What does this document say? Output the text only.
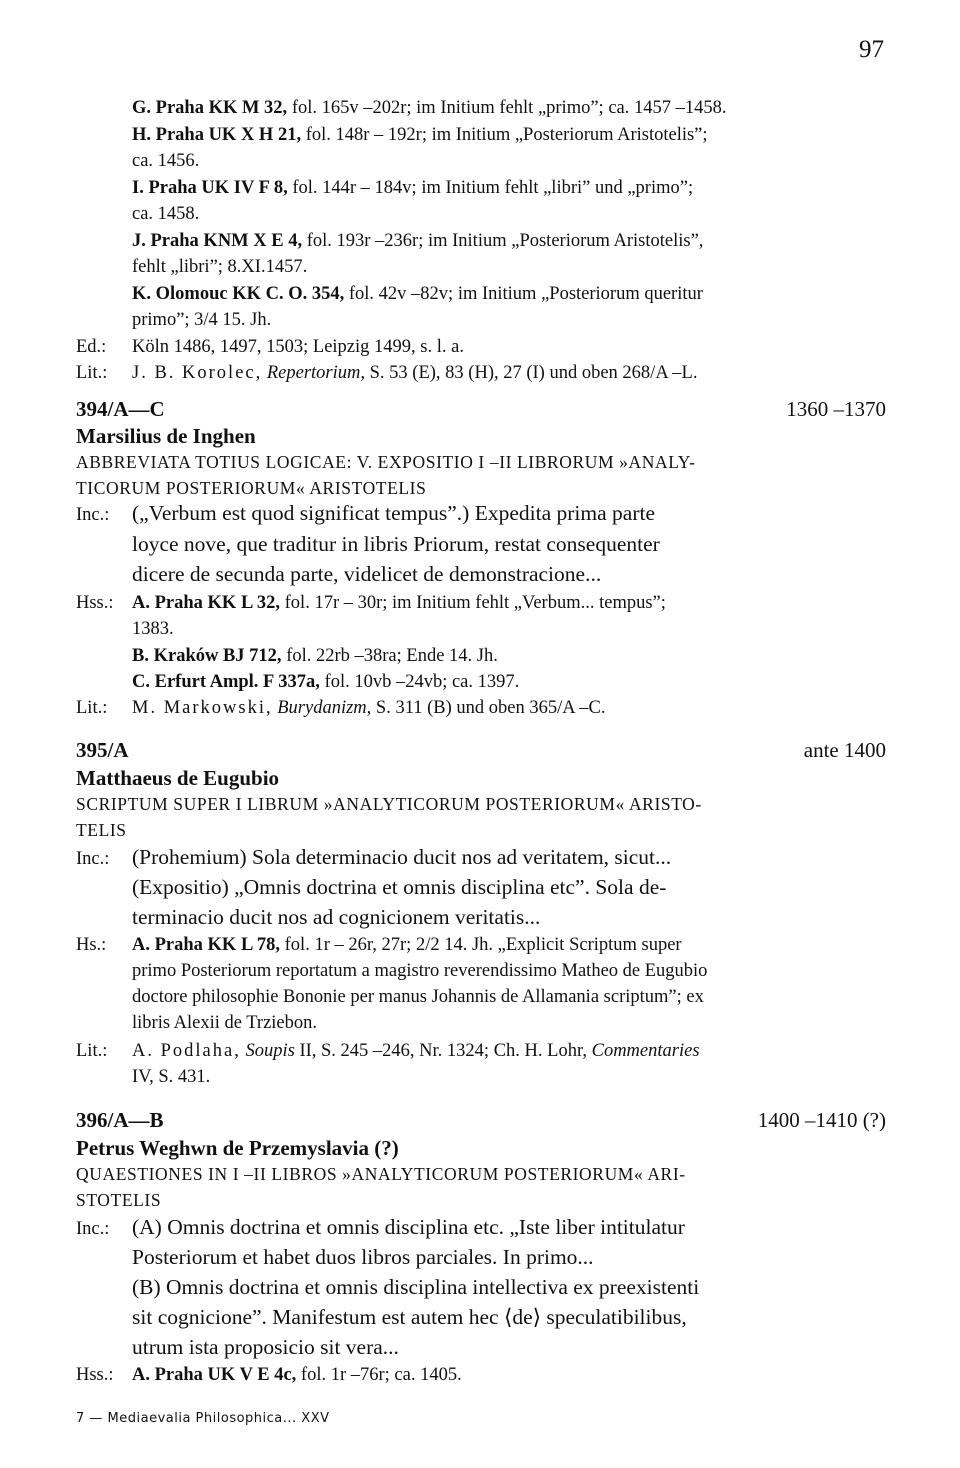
97
G. Praha KK M 32, fol. 165v –202r; im Initium fehlt „primo”; ca. 1457 –1458.
H. Praha UK X H 21, fol. 148r – 192r; im Initium „Posteriorum Aristotelis”;
ca. 1456.
I. Praha UK IV F 8, fol. 144r – 184v; im Initium fehlt „libri” und „primo”;
ca. 1458.
J. Praha KNM X E 4, fol. 193r –236r; im Initium „Posteriorum Aristotelis”,
fehlt „libri”; 8.XI.1457.
K. Olomouc KK C. O. 354, fol. 42v –82v; im Initium „Posteriorum queritur
primo”; 3/4 15. Jh.
Ed.: Köln 1486, 1497, 1503; Leipzig 1499, s. l. a.
Lit.: J. B. Korolec, Repertorium, S. 53 (E), 83 (H), 27 (I) und oben 268/A –L.
394/A—C	1360 –1370
Marsilius de Inghen
ABBREVIATA TOTIUS LOGICAE: V. EXPOSITIO I –II LIBRORUM »ANALY-
TICORUM POSTERIORUM« ARISTOTELIS
Inc.: („Verbum est quod significat tempus”.) Expedita prima parte
loyce nove, que traditur in libris Priorum, restat consequenter
dicere de secunda parte, videlicet de demonstracione...
Hss.: A. Praha KK L 32, fol. 17r – 30r; im Initium fehlt „Verbum... tempus”;
1383.
B. Kraków BJ 712, fol. 22rb –38ra; Ende 14. Jh.
C. Erfurt Ampl. F 337a, fol. 10vb –24vb; ca. 1397.
Lit.: M. Markowski, Burydanizm, S. 311 (B) und oben 365/A –C.
395/A	ante 1400
Matthaeus de Eugubio
SCRIPTUM SUPER I LIBRUM »ANALYTICORUM POSTERIORUM« ARISTO-
TELIS
Inc.: (Prohemium) Sola determinacio ducit nos ad veritatem, sicut...
(Expositio) „Omnis doctrina et omnis disciplina etc”. Sola de-
terminacio ducit nos ad cognicionem veritatis...
Hs.: A. Praha KK L 78, fol. 1r – 26r, 27r; 2/2 14. Jh. „Explicit Scriptum super
primo Posteriorum reportatum a magistro reverendissimo Matheo de Eugubio
doctore philosophie Bononie per manus Johannis de Allamania scriptum”; ex
libris Alexii de Trziebon.
Lit.: A. Podlaha, Soupis II, S. 245 –246, Nr. 1324; Ch. H. Lohr, Commentaries
IV, S. 431.
396/A—B	1400 –1410 (?)
Petrus Weghwn de Przemyslavia (?)
QUAESTIONES IN I –II LIBROS »ANALYTICORUM POSTERIORUM« ARI-
STOTELIS
Inc.: (A) Omnis doctrina et omnis disciplina etc. „Iste liber intitulatur
Posteriorum et habet duos libros parciales. In primo...
(B) Omnis doctrina et omnis disciplina intellectiva ex preexistenti
sit cognicione”. Manifestum est autem hec ⟨de⟩ speculatibilibus,
utrum ista proposicio sit vera...
Hss.: A. Praha UK V E 4c, fol. 1r –76r; ca. 1405.
7 — Mediaevalia Philosophica... XXV
